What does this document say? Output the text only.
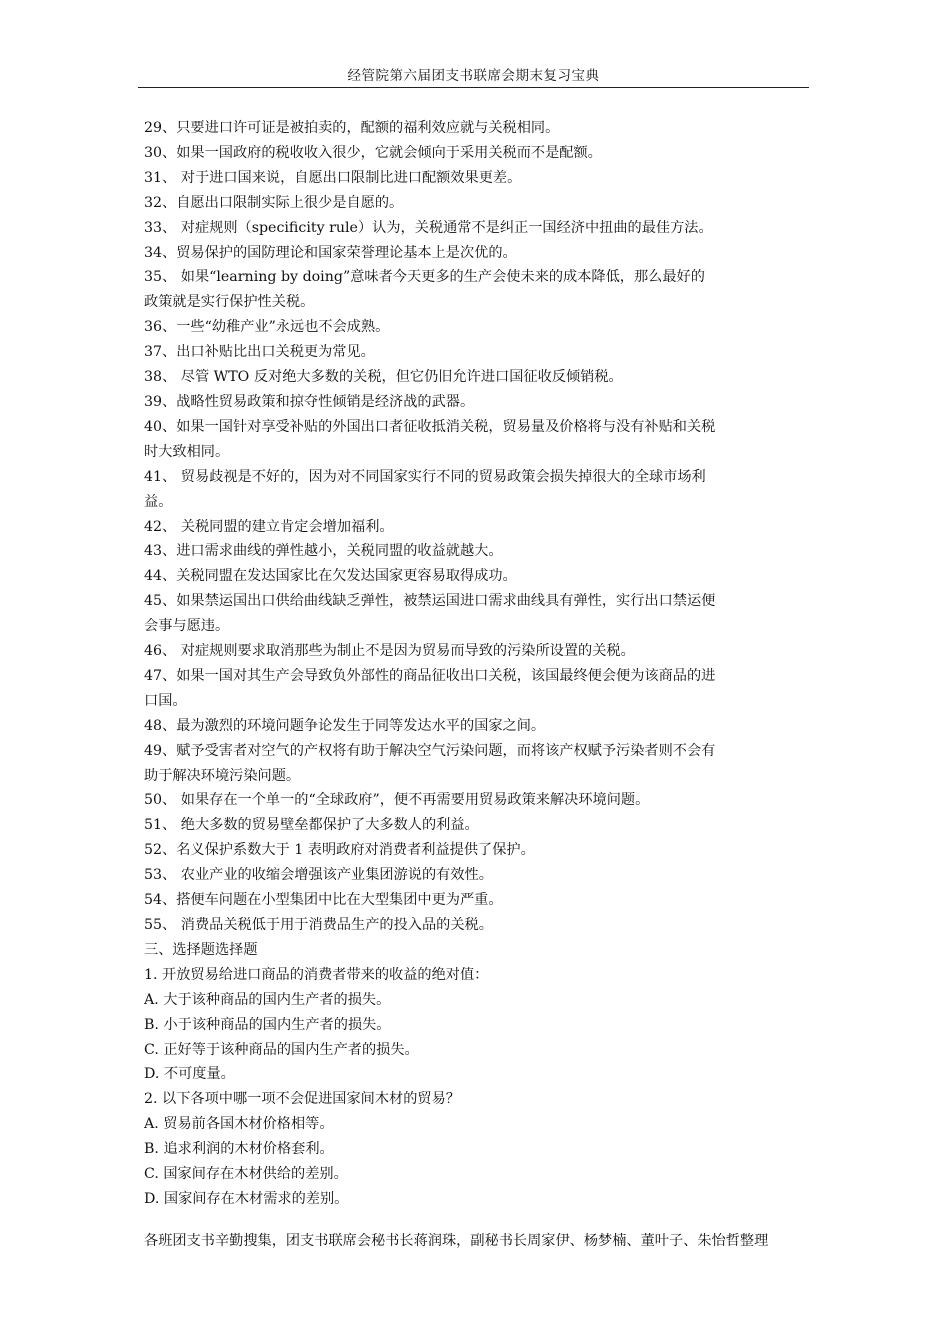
经管院第六届团支书联席会期末复习宝典
29、只要进口许可证是被拍卖的，配额的福利效应就与关税相同。
30、如果一国政府的税收收入很少，它就会倾向于采用关税而不是配额。
31、 对于进口国来说，自愿出口限制比进口配额效果更差。
32、自愿出口限制实际上很少是自愿的。
33、 对症规则（specificity rule）认为，关税通常不是纠正一国经济中扭曲的最佳方法。
34、贸易保护的国防理论和国家荣誉理论基本上是次优的。
35、 如果“learning by doing”意味者今天更多的生产会使未来的成本降低，那么最好的
政策就是实行保护性关税。
36、一些“幼稚产业”永远也不会成熟。
37、出口补贴比出口关税更为常见。
38、 尽管 WTO 反对绝大多数的关税，但它仍旧允许进口国征收反倾销税。
39、战略性贸易政策和掠夺性倾销是经济战的武器。
40、如果一国针对享受补贴的外国出口者征收抵消关税，贸易量及价格将与没有补贴和关税
时大致相同。
41、 贸易歧视是不好的，因为对不同国家实行不同的贸易政策会损失掉很大的全球市场利
益。
42、 关税同盟的建立肯定会增加福利。
43、进口需求曲线的弹性越小，关税同盟的收益就越大。
44、关税同盟在发达国家比在欠发达国家更容易取得成功。
45、如果禁运国出口供给曲线缺乏弹性，被禁运国进口需求曲线具有弹性，实行出口禁运便
会事与愿违。
46、 对症规则要求取消那些为制止不是因为贸易而导致的污染所设置的关税。
47、如果一国对其生产会导致负外部性的商品征收出口关税，该国最终便会便为该商品的进
口国。
48、最为激烈的环境问题争论发生于同等发达水平的国家之间。
49、赋予受害者对空气的产权将有助于解决空气污染问题，而将该产权赋予污染者则不会有
助于解决环境污染问题。
50、 如果存在一个单一的“全球政府”，便不再需要用贸易政策来解决环境问题。
51、 绝大多数的贸易壁垒都保护了大多数人的利益。
52、名义保护系数大于 1 表明政府对消费者利益提供了保护。
53、 农业产业的收缩会增强该产业集团游说的有效性。
54、搭便车问题在小型集团中比在大型集团中更为严重。
55、 消费品关税低于用于消费品生产的投入品的关税。
三、选择题选择题
1. 开放贸易给进口商品的消费者带来的收益的绝对值：
A. 大于该种商品的国内生产者的损失。
B. 小于该种商品的国内生产者的损失。
C. 正好等于该种商品的国内生产者的损失。
D. 不可度量。
2. 以下各项中哪一项不会促进国家间木材的贸易？
A. 贸易前各国木材价格相等。
B. 追求利润的木材价格套利。
C. 国家间存在木材供给的差别。
D. 国家间存在木材需求的差别。
各班团支书辛勤搜集，团支书联席会秘书长蒋润珠，副秘书长周家伊、杨梦楠、董叶子、朱怡哲整理
